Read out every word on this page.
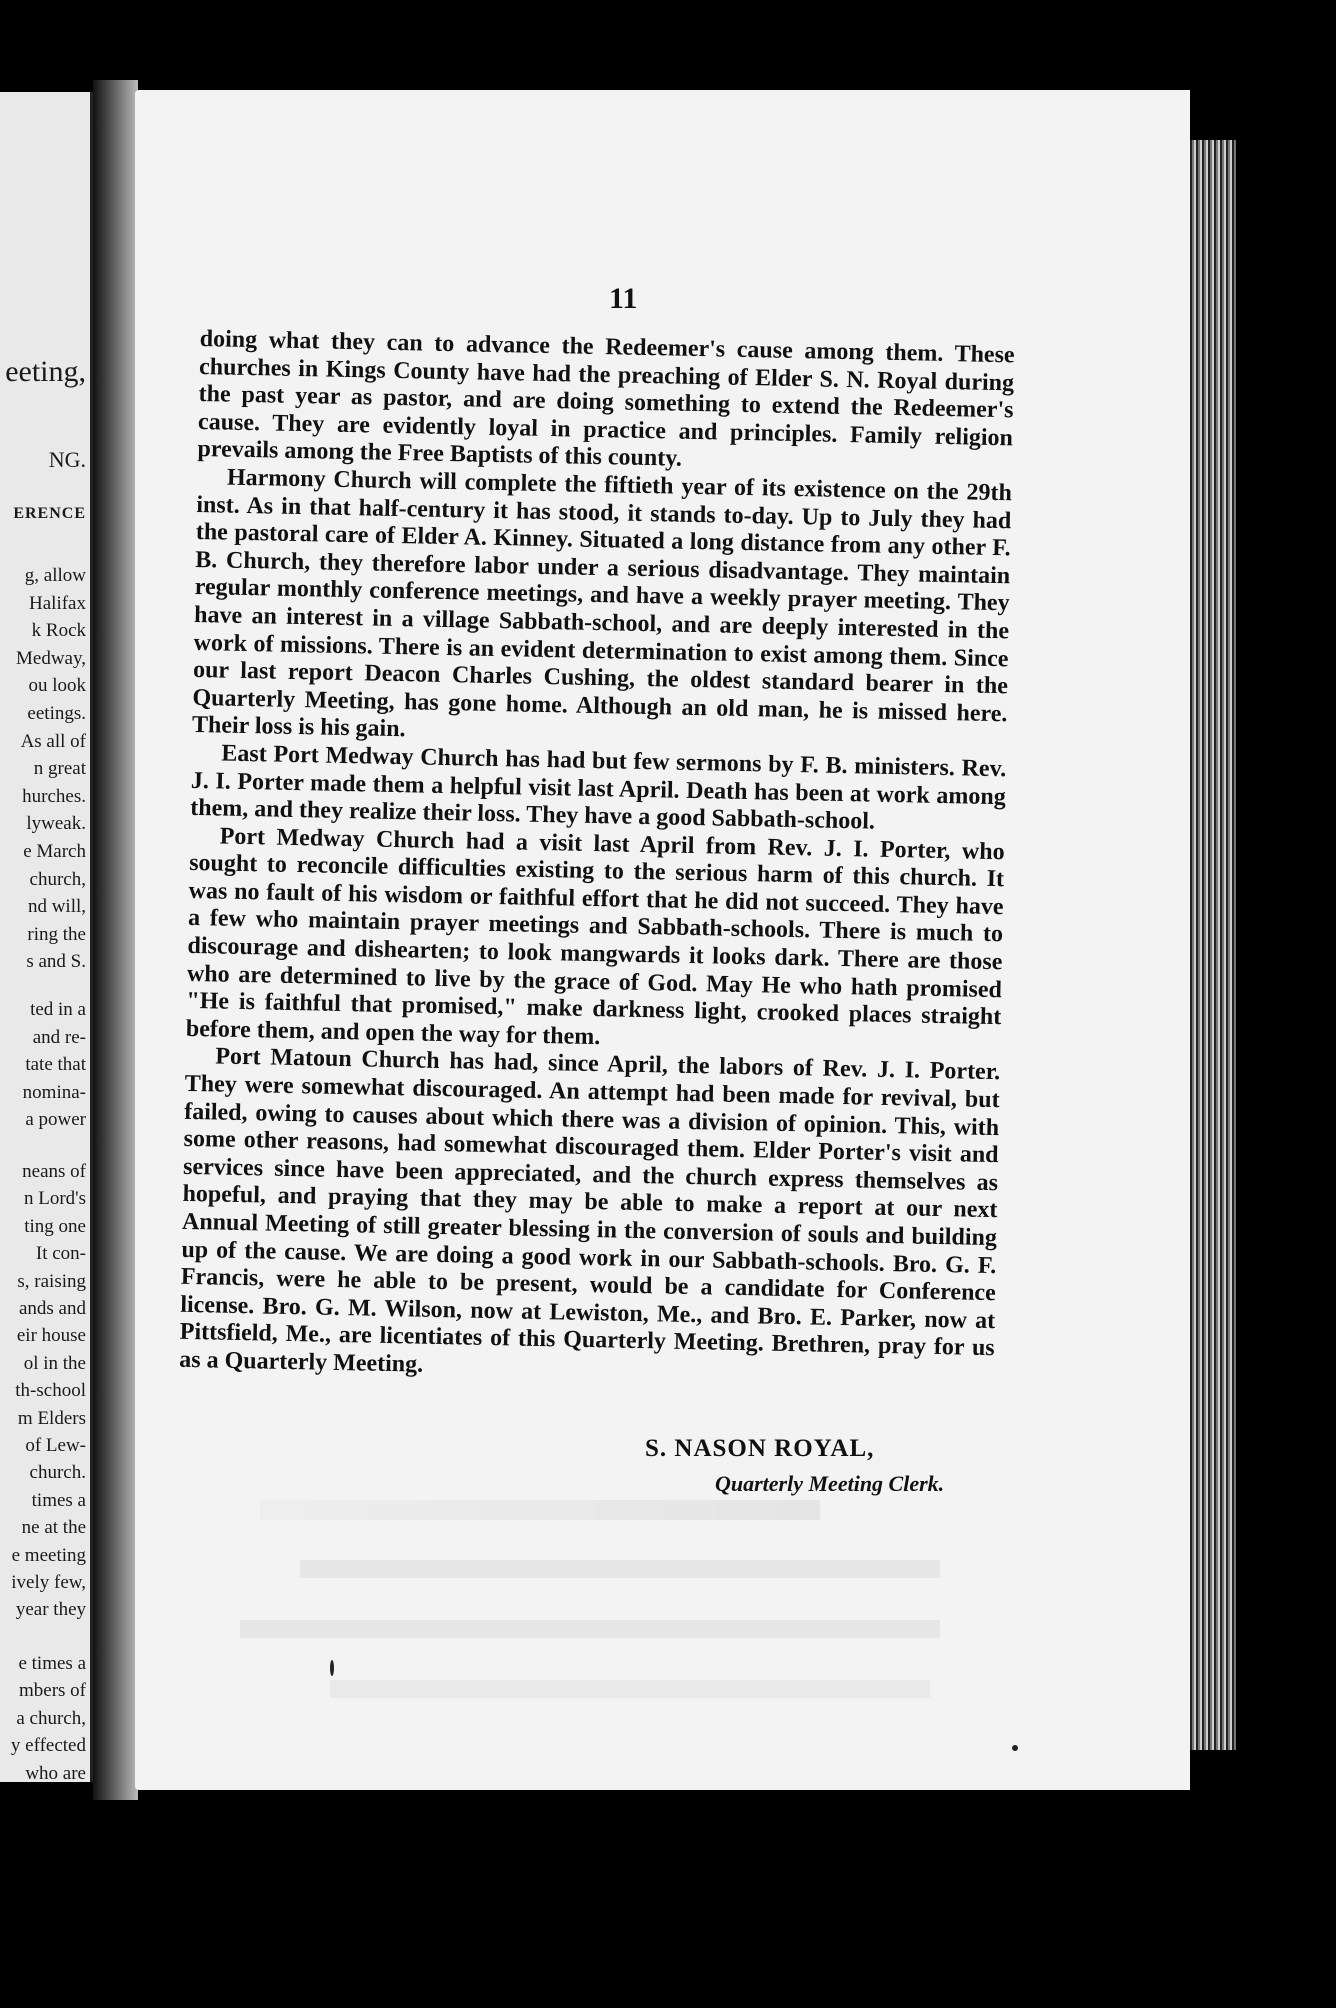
eeting,
NG.
ERENCE
g, allow
Halifax
k Rock
Medway,
ou look
eetings.
As all of
n great
hurches.
lyweak.
e March
church,
nd will,
ring the
s and S.
ted in a
and re-
tate that
nomina-
a power
neans of
n Lord's
ting one
It con-
s, raising
ands and
eir house
ol in the
th-school
m Elders
of Lew-
church.
times a
ne at the
e meeting
ively few,
year they
e times a
mbers of
a church,
y effected
who are
11

doing what they can to advance the Redeemer's cause among them. These churches in Kings County have had the preaching of Elder S. N. Royal during the past year as pastor, and are doing something to extend the Redeemer's cause. They are evidently loyal in practice and principles. Family religion prevails among the Free Baptists of this county.

Harmony Church will complete the fiftieth year of its existence on the 29th inst. As in that half-century it has stood, it stands to-day. Up to July they had the pastoral care of Elder A. Kinney. Situated a long distance from any other F. B. Church, they therefore labor under a serious disadvantage. They maintain regular monthly conference meetings, and have a weekly prayer meeting. They have an interest in a village Sabbath-school, and are deeply interested in the work of missions. There is an evident determination to exist among them. Since our last report Deacon Charles Cushing, the oldest standard bearer in the Quarterly Meeting, has gone home. Although an old man, he is missed here. Their loss is his gain.

East Port Medway Church has had but few sermons by F. B. ministers. Rev. J. I. Porter made them a helpful visit last April. Death has been at work among them, and they realize their loss. They have a good Sabbath-school.

Port Medway Church had a visit last April from Rev. J. I. Porter, who sought to reconcile difficulties existing to the serious harm of this church. It was no fault of his wisdom or faithful effort that he did not succeed. They have a few who maintain prayer meetings and Sabbath-schools. There is much to discourage and dishearten; to look mangwards it looks dark. There are those who are determined to live by the grace of God. May He who hath promised "He is faithful that promised," make darkness light, crooked places straight before them, and open the way for them.

Port Matoun Church has had, since April, the labors of Rev. J. I. Porter. They were somewhat discouraged. An attempt had been made for revival, but failed, owing to causes about which there was a division of opinion. This, with some other reasons, had somewhat discouraged them. Elder Porter's visit and services since have been appreciated, and the church express themselves as hopeful, and praying that they may be able to make a report at our next Annual Meeting of still greater blessing in the conversion of souls and building up of the cause. We are doing a good work in our Sabbath-schools. Bro. G. F. Francis, were he able to be present, would be a candidate for Conference license. Bro. G. M. Wilson, now at Lewiston, Me., and Bro. E. Parker, now at Pittsfield, Me., are licentiates of this Quarterly Meeting. Brethren, pray for us as a Quarterly Meeting.

S. NASON ROYAL,
Quarterly Meeting Clerk.
